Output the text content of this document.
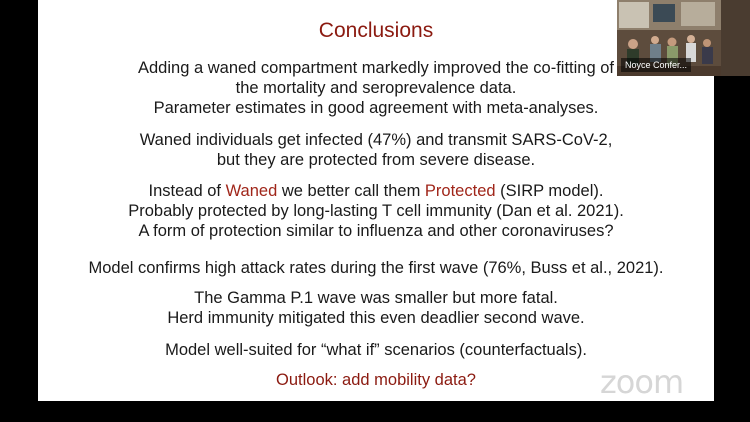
Conclusions
Adding a waned compartment markedly improved the co-fitting of
the mortality and seroprevalence data.
Parameter estimates in good agreement with meta-analyses.
Waned individuals get infected (47%) and transmit SARS-CoV-2,
but they are protected from severe disease.
Instead of Waned we better call them Protected (SIRP model).
Probably protected by long-lasting T cell immunity (Dan et al. 2021).
A form of protection similar to influenza and other coronaviruses?
Model confirms high attack rates during the first wave (76%, Buss et al., 2021).
The Gamma P.1 wave was smaller but more fatal.
Herd immunity mitigated this even deadlier second wave.
Model well-suited for “what if” scenarios (counterfactuals).
Outlook: add mobility data?
Noyce Confer...
zoom
